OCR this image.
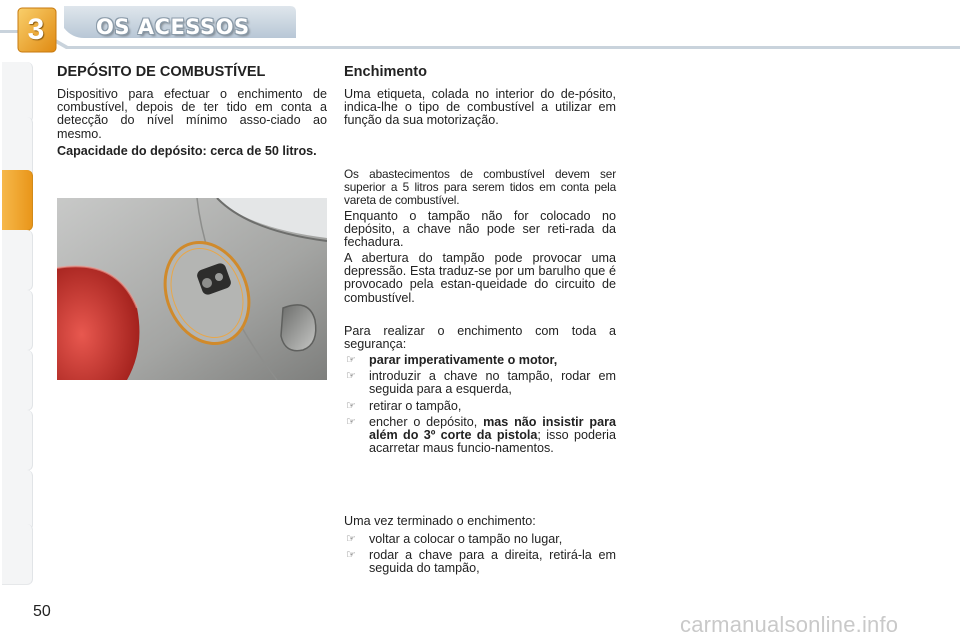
3	OS ACESSOS
DEPÓSITO DE COMBUSTÍVEL

Dispositivo para efectuar o enchimento de combustível, depois de ter tido em conta a detecção do nível mínimo asso-ciado ao mesmo.

Capacidade do depósito: cerca de 50 litros.

Enchimento

Uma etiqueta, colada no interior do de-pósito, indica-lhe o tipo de combustível a utilizar em função da sua motorização.

Os abastecimentos de combustível devem ser superior a 5 litros para serem tidos em conta pela vareta de combustível.

Enquanto o tampão não for colocado no depósito, a chave não pode ser reti-rada da fechadura.

A abertura do tampão pode provocar uma depressão. Esta traduz-se por um barulho que é provocado pela estan-queidade do circuito de combustível.

Para realizar o enchimento com toda a segurança:

☞ parar imperativamente o motor,
☞ introduzir a chave no tampão, rodar em seguida para a esquerda,
☞ retirar o tampão,
☞ encher o depósito, mas não insistir para além do 3º corte da pistola; isso poderia acarretar maus funcio-namentos.

Uma vez terminado o enchimento:

☞ voltar a colocar o tampão no lugar,
☞ rodar a chave para a direita, retirá-la em seguida do tampão,
50
carmanualsonline.info
